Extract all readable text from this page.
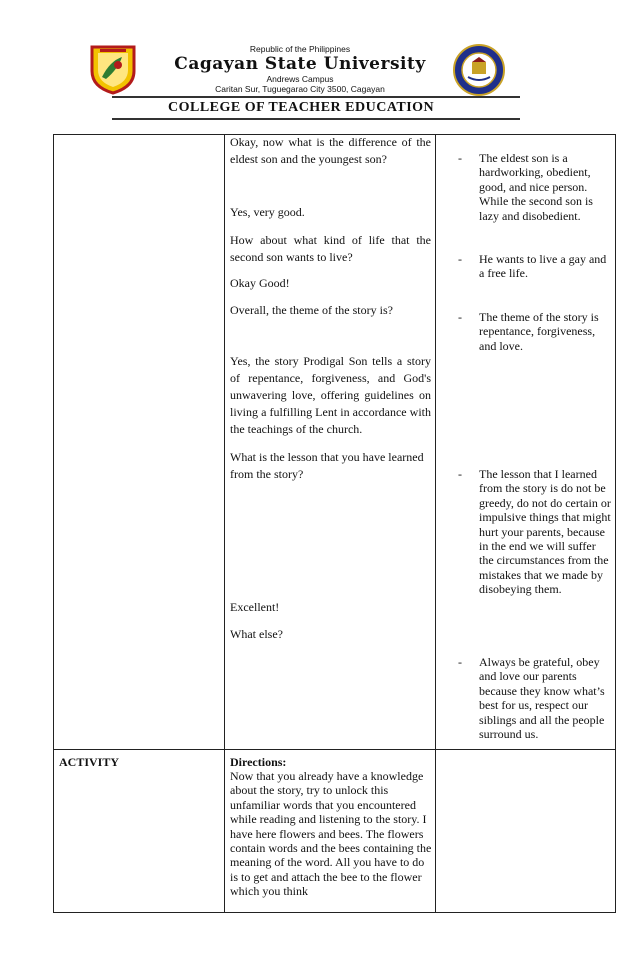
Republic of the Philippines
Cagayan State University
Andrews Campus
Caritan Sur, Tuguegarao City 3500, Cagayan
COLLEGE OF TEACHER EDUCATION
Okay, now what is the difference of the eldest son and the youngest son?
Yes, very good.
How about what kind of life that the second son wants to live?
Okay Good!
Overall, the theme of the story is?
Yes, the story Prodigal Son tells a story of repentance, forgiveness, and God's unwavering love, offering guidelines on living a fulfilling Lent in accordance with the teachings of the church.
What is the lesson that you have learned from the story?
Excellent!
What else?
- The eldest son is a hardworking, obedient, good, and nice person. While the second son is lazy and disobedient.
- He wants to live a gay and a free life.
- The theme of the story is repentance, forgiveness, and love.
- The lesson that I learned from the story is do not be greedy, do not do certain or impulsive things that might hurt your parents, because in the end we will suffer the circumstances from the mistakes that we made by disobeying them.
- Always be grateful, obey and love our parents because they know what’s best for us, respect our siblings and all the people surround us.
ACTIVITY	Directions:
Now that you already have a knowledge about the story, try to unlock this unfamiliar words that you encountered while reading and listening to the story. I have here flowers and bees. The flowers contain words and the bees containing the meaning of the word. All you have to do is to get and attach the bee to the flower which you think
